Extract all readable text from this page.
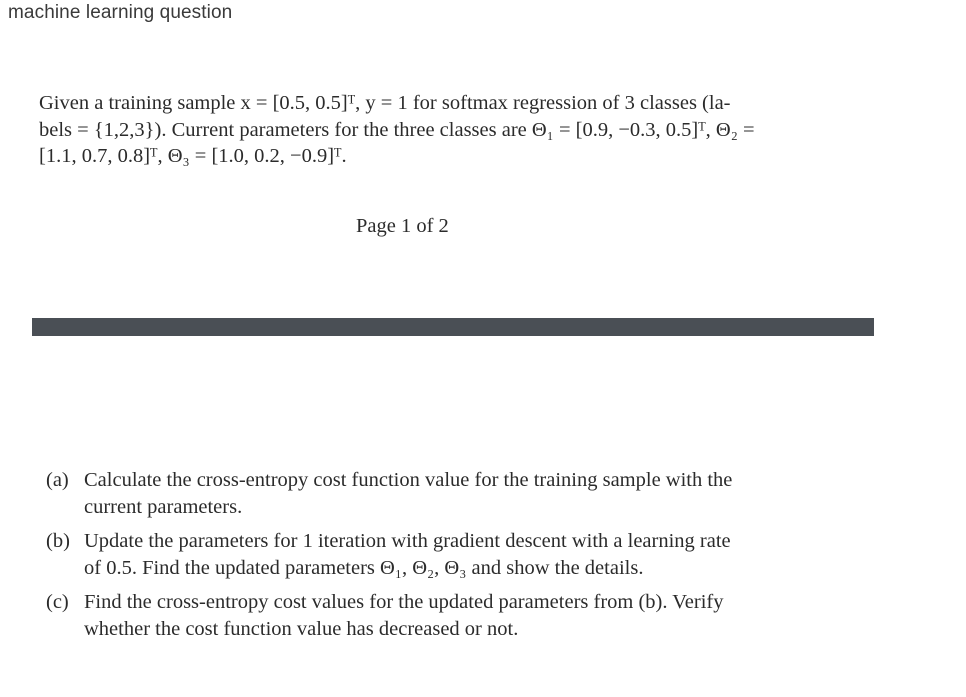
machine learning question
Given a training sample x = [0.5, 0.5]ᵀ, y = 1 for softmax regression of 3 classes (la-
bels = {1,2,3}). Current parameters for the three classes are Θ₁ = [0.9, −0.3, 0.5]ᵀ, Θ₂ =
[1.1, 0.7, 0.8]ᵀ, Θ₃ = [1.0, 0.2, −0.9]ᵀ.
Page 1 of 2
(a) Calculate the cross-entropy cost function value for the training sample with the
current parameters.
(b) Update the parameters for 1 iteration with gradient descent with a learning rate
of 0.5. Find the updated parameters Θ₁, Θ₂, Θ₃ and show the details.
(c) Find the cross-entropy cost values for the updated parameters from (b). Verify
whether the cost function value has decreased or not.
